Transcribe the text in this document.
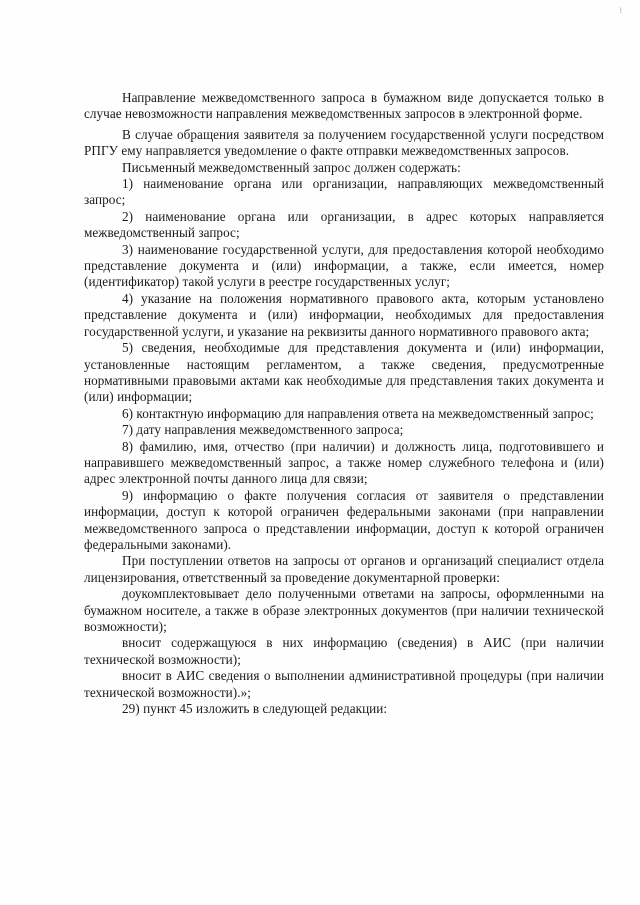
⁞

Направление межведомственного запроса в бумажном виде допускается только в случае невозможности направления межведомственных запросов в электронной форме.

В случае обращения заявителя за получением государственной услуги посредством РПГУ ему направляется уведомление о факте отправки межведомственных запросов.

Письменный межведомственный запрос должен содержать:

1) наименование органа или организации, направляющих межведомственный запрос;

2) наименование органа или организации, в адрес которых направляется межведомственный запрос;

3) наименование государственной услуги, для предоставления которой необходимо представление документа и (или) информации, а также, если имеется, номер (идентификатор) такой услуги в реестре государственных услуг;

4) указание на положения нормативного правового акта, которым установлено представление документа и (или) информации, необходимых для предоставления государственной услуги, и указание на реквизиты данного нормативного правового акта;

5) сведения, необходимые для представления документа и (или) информации, установленные настоящим регламентом, а также сведения, предусмотренные нормативными правовыми актами как необходимые для представления таких документа и (или) информации;

6) контактную информацию для направления ответа на межведомственный запрос;

7) дату направления межведомственного запроса;

8) фамилию, имя, отчество (при наличии) и должность лица, подготовившего и направившего межведомственный запрос, а также номер служебного телефона и (или) адрес электронной почты данного лица для связи;

9) информацию о факте получения согласия от заявителя о представлении информации, доступ к которой ограничен федеральными законами (при направлении межведомственного запроса о представлении информации, доступ к которой ограничен федеральными законами).

При поступлении ответов на запросы от органов и организаций специалист отдела лицензирования, ответственный за проведение документарной проверки:

доукомплектовывает дело полученными ответами на запросы, оформленными на бумажном носителе, а также в образе электронных документов (при наличии технической возможности);

вносит содержащуюся в них информацию (сведения) в АИС (при наличии технической возможности);

вносит в АИС сведения о выполнении административной процедуры (при наличии технической возможности).»;

29) пункт 45 изложить в следующей редакции:
